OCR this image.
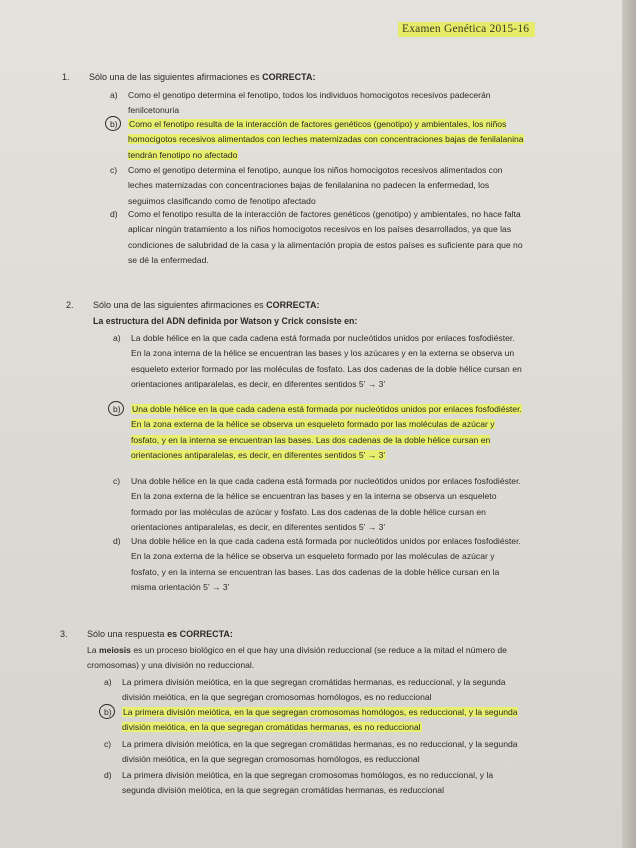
Examen Genética 2015-16
1. Sólo una de las siguientes afirmaciones es CORRECTA:
a) Como el genotipo determina el fenotipo, todos los individuos homocigotos recesivos padecerán fenilcetonuria
b) Como el fenotipo resulta de la interacción de factores genéticos (genotipo) y ambientales, los niños homocigotos recesivos alimentados con leches maternizadas con concentraciones bajas de fenilalanina tendrán fenotipo no afectado
c) Como el genotipo determina el fenotipo, aunque los niños homocigotos recesivos alimentados con leches maternizadas con concentraciones bajas de fenilalanina no padecen la enfermedad, los seguimos clasificando como de fenotipo afectado
d) Como el fenotipo resulta de la interacción de factores genéticos (genotipo) y ambientales, no hace falta aplicar ningún tratamiento a los niños homocigotos recesivos en los países desarrollados, ya que las condiciones de salubridad de la casa y la alimentación propia de estos países es suficiente para que no se dé la enfermedad.
2. Sólo una de las siguientes afirmaciones es CORRECTA:
La estructura del ADN definida por Watson y Crick consiste en:
a) La doble hélice en la que cada cadena está formada por nucleótidos unidos por enlaces fosfodiéster. En la zona interna de la hélice se encuentran las bases y los azúcares y en la externa se observa un esqueleto exterior formado por las moléculas de fosfato. Las dos cadenas de la doble hélice cursan en orientaciones antiparalelas, es decir, en diferentes sentidos 5’ → 3’
b) Una doble hélice en la que cada cadena está formada por nucleótidos unidos por enlaces fosfodiéster. En la zona externa de la hélice se observa un esqueleto formado por las moléculas de azúcar y fosfato, y en la interna se encuentran las bases. Las dos cadenas de la doble hélice cursan en orientaciones antiparalelas, es decir, en diferentes sentidos 5’ → 3’
c) Una doble hélice en la que cada cadena está formada por nucleótidos unidos por enlaces fosfodiéster. En la zona externa de la hélice se encuentran las bases y en la interna se observa un esqueleto formado por las moléculas de azúcar y fosfato. Las dos cadenas de la doble hélice cursan en orientaciones antiparalelas, es decir, en diferentes sentidos 5’ → 3’
d) Una doble hélice en la que cada cadena está formada por nucleótidos unidos por enlaces fosfodiéster. En la zona externa de la hélice se observa un esqueleto formado por las moléculas de azúcar y fosfato, y en la interna se encuentran las bases. Las dos cadenas de la doble hélice cursan en la misma orientación 5’ → 3’
3. Sólo una respuesta es CORRECTA:
La meiosis es un proceso biológico en el que hay una división reduccional (se reduce a la mitad el número de cromosomas) y una división no reduccional.
a) La primera división meiótica, en la que segregan cromátidas hermanas, es reduccional, y la segunda división meiótica, en la que segregan cromosomas homólogos, es no reduccional
b) La primera división meiótica, en la que segregan cromosomas homólogos, es reduccional, y la segunda división meiótica, en la que segregan cromátidas hermanas, es no reduccional
c) La primera división meiótica, en la que segregan cromátidas hermanas, es no reduccional, y la segunda división meiótica, en la que segregan cromosomas homólogos, es reduccional
d) La primera división meiótica, en la que segregan cromosomas homólogos, es no reduccional, y la segunda división meiótica, en la que segregan cromátidas hermanas, es reduccional
